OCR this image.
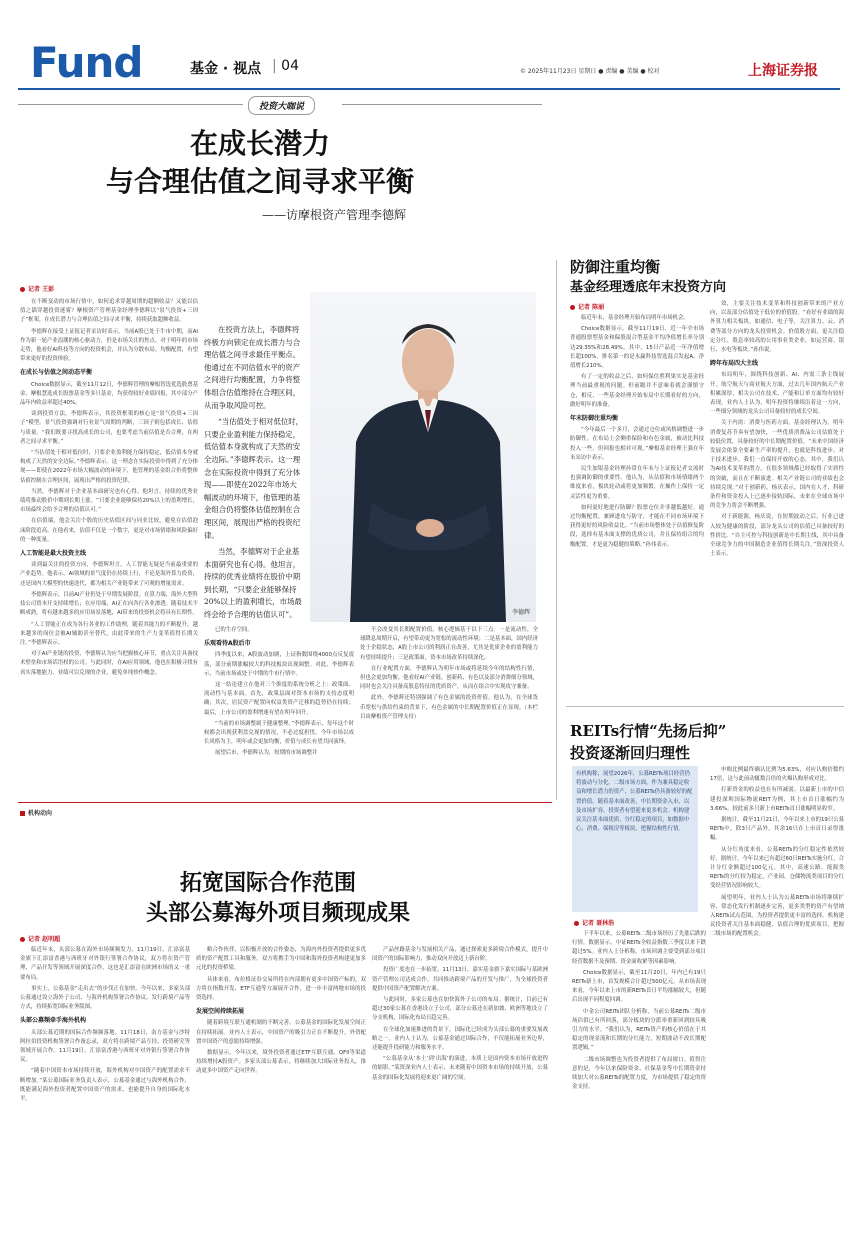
Fund	基金 · 视点 | 04	© 2025年11月23日 星期日 ● 责编 ● 美编 ● 校对	上海证券报
投资大咖说
在成长潜力
与合理估值之间寻求平衡
——访摩根资产管理李德辉
记者 王彭

在不断变动的市场行情中，如何追求穿越周期的超额收益？又能以估值之锚穿越投资迷雾？摩根资产管理基金经理李德辉以“景气投资+三因子”框架，在成长潜力与合理估值之间寻求平衡，持续获取超额收益。

李德辉在接受上证报记者采访时表示，当前A股已处于牛市中期，而AI作为新一轮产业浪潮的核心驱动力，仍是市场关注的焦点。对于明年的市场走势，他看好AI科技等方向的投资机会，并认为分散布局、均衡配置，有望带来更好的投资体验。

在成长与估值之间动态平衡

Choice数据显示，截至11月12日，李德辉管理的摩根智选优选股票基金、摩根慧选成长股票基金等多只基金，均获得较好业绩回报，其中部分产品年内收益率超过40%。

谈到投资方法，李德辉表示，其投资框架的核心是“景气投资+三因子”模型。景气投资强调对行业景气周期的判断，三因子则包括成长、估值与质量。“我们既要寻找高成长的公司，也要考虑当前估值是否合理，在两者之间寻求平衡。”

“当估值处于相对低位时，只要企业盈利能力保持稳定，低估值本身就构成了天然的安全边际。”李德辉表示。这一理念在实际投资中得到了充分体现——即使在2022年市场大幅波动的环境下，他管理的基金组合仍将整体估值控制在合理区间，展现出严格的投资纪律。

当然，李德辉对于企业基本面研究也有心得。他坦言，持续的优秀业绩将推动股价中期到长期上涨。“只要企业能够保持20%以上的盈利增长，市场最终会给予合理的估值认可。”

在估值端，他会关注个股的历史估值区间与同业比较，避免在估值泡沫阶段追高。在他看来，估值不仅是一个数字，更是对市场情绪和风险偏好的一种度量。

人工智能是最大投资主线

谈到最关注的投资方向，李德辉坦言，人工智能无疑是当前最重要的产业趋势。他表示，AI领域的景气度仍在持续上行，不论是海外算力投资，还是国内大模型的快速迭代，都为相关产业链带来了可观的增量需求。

李德辉表示，目前AI产业仍处于早期发展阶段。在算力端，海外大型科技公司资本开支持续增长；在应用端，AI正在向各行各业渗透。随着技术不断成熟，将有越来越多的应用场景落地，AI带来的投资机会将具有长期性。

“人工智能正在成为各行各业的工作助理，随着其能力的不断提升，越来越多的岗位会被AI辅助甚至替代，由此带来的生产力变革值得长期关注。”李德辉表示。

对于AI产业链的投资，李德辉认为应当把握核心环节，重点关注具备技术壁垒和市场话语权的公司。与此同时，在AI应用领域，他也在积极寻找有真实落地能力、业绩可以兑现的企业，避免单纯炒作概念。

在投资方法上，李德辉将终极方向锁定在成长潜力与合理估值之间寻求最佳平衡点。他通过在不同估值水平的资产之间进行均衡配置，力争将整体组合估值维持在合理区间，从而争取风险可控。

“当估值处于相对低位时，只要企业盈利能力保持稳定，低估值本身就构成了天然的安全边际。”李德辉表示。这一理念在实际投资中得到了充分体现——即使在2022年市场大幅波动的环境下，他管理的基金组合仍将整体估值控制在合理区间，展现出严格的投资纪律。

当然，李德辉对于企业基本面研究也有心得。他坦言，持续的优秀业绩将在股价中期到长期，“只要企业能够保持20%以上的盈利增长，市场最终会给予合理的估值认可”。	李德辉

已的生存空间。

乐观看待A股后市

四季度以来，A股波动加剧，上证指数围绕4000点反复震荡，部分前期涨幅较大的科技板块出现调整。对此，李德辉表示，当前市场或处于中期的牛市行情中。

这一结论建立在他对三个维度的系统分析之上：政策面、流动性与基本面。首先，政策层面对资本市场的支持态度明确；其次，居民资产配置向权益类资产迁移的趋势仍在持续；最后，上市公司的盈利增速有望在明年回升。

“当前的市场调整属于健康整理。”李德辉表示，每年这个时候都会出现获利盘兑现的情况，不必过度担忧。今年市场以成长风格为主，明年或会更加均衡，价值与成长有望共同演绎。

展望后市，李德辉认为，短期的市场调整并

不会改变其长期配置价值，核心逻辑基于以下三点：一是流动性，全球降息周期开启，有望带动更为宽松的流动性环境；二是基本面，国内经济处于企稳状态，A股上市公司的利润正在改善，尤其是优质企业的盈利能力有望持续提升；三是政策面，资本市场改革持续深化。

在行业配置方面，李德辉认为明年市场或将延续今年的结构性行情，但也会更加均衡。他看好AI产业链、创新药、有色以及部分消费细分领域，同时也会关注具备高股息特征的优质资产，从而在组合中实现攻守兼备。

此外，李德辉还特别强调了有色金属的投资价值。他认为，在全球货币宽松与供给约束的背景下，有色金属的中长期配置价值正在显现。（本栏目由摩根资产管理支持）

防御注重均衡
基金经理透底年末投资方向
记者 陈丽

临近年末，基金经理开始布局明年市场机会。

Choice数据显示，截至11月19日，近一年全市场普通股票型基金和偏股混合型基金平均净值增长率分别达29.35%和28.49%。其中，15只产品近一年净值增长超100%，排名第一的是永赢科技智选混合发起A，净值增长210%。

有了一定的收益之后，如何保住胜利果实是基金经理当前最重视的问题。但前瞻并不意味着就会谨慎守仓，相反，一些基金经理开始布局中长期看好的方向，做好明年的准备。

年末防御注重均衡

“今年最后一个多月，会通过仓位或风格调整进一步防御性。在布局上会侧重保险和有色金属，被动比科技投入一些，但回报也相对可观。”摩根基金经理王强在年末采访中表示。

民生加银基金经理孙常在年末与上证报记者交流时也强调防御的重要性。他认为，从估值和市场情绪两个维度来看，板块轮动或将更加频繁，在操作上保持一定灵活性更为重要。

如何更好地进行防御？股票仓位并非越低越好。通过均衡配置，兼顾进攻与防守，才能在不同市场环境下获得更好的风险收益比。“当前市场整体处于估值修复阶段，选择有基本面支撑的优质公司，并且保持组合的均衡配置，才是更为稳健的策略。”孙伟表示。

效，主要关注技术变革和科技创新带来的产业方向，以及部分估值处于低位的价值股。“看好有业绩的海外算力相关板块，如通信、电子等，关注算力、云、消费等部分方向的龙头投资机会。价值股方面，更关注稳定分红、股息率较高的公用事业类企业，如运营商、银行、水电等板块。”孙伟说。

跨年布局四大主线

布局明年，围绕科技创新、AI、内需三条主线展开。航空航天与商业航天方面，过去几年国内航天产业积累深厚，相关公司在技术、产能和订单方面均有较好表现。业内人士认为，明年投资将继续沿着这一方向，一些细分领域的龙头公司具备较好的成长空间。

关于内需：消费与医药方面，基金经理认为，明年消费复苏节奏有望加快，一些优质消费品公司估值处于较低位置，具备较好的中长期配置价值。“未来中国经济发展会依靠全要素生产率的提升，也就是科技进步。对于技术进步，我们一直保持开放的心态。其中，我们认为AI技术变革的潜力，在很多领域都已经取得了实质性的突破，而且在不断演进。相关产业链公司的业绩也会持续兑现。”对于创新药，杨庆表示，国内在人才、科研条件和资金投入上已逐步接轨国际，未来在全球市场中的竞争力将会不断增强。

对于新能源，杨庆说，在短期波动之后，行业已进入较为健康的阶段，部分龙头公司的估值已具备较好的性价比。“自主可控与科技创新是中长期主线，其中具备全球竞争力的中国制造企业值得长期关注。”资深投资人士表示。

REITs行情“先扬后抑”
投资逐渐回归理性
有机构称，展望2026年，公募REITs项目经营仍将波动与分化。二级市场方面，作为兼具稳定收益和增长潜力的资产，公募REITs仍具备较好的配置价值。随着基本面改善，中长期资金入市，以及市场扩容，投资者有望迎来更多机会。机构建议关注基本面优质、分红稳定的项目，如数据中心、消费、保租房等板块，把握结构性行情。
记者 聂林浩

下半年以来，公募REITs二级市场经历了先涨后跌的行情。数据显示，中证REITs全收益指数三季度以来下跌超过5%。业内人士分析称，市场回调主要受到部分项目经营数据不及预期、资金面收紧等因素影响。

Choice数据显示，截至11月20日，年内已有19只REITs新上市，首发规模合计超过500亿元。从市场表现来看，今年以来上市的新REITs首日平均涨幅较大，但随后出现不同程度回调。

中金公司REITs团队分析称，当前公募REITs二级市场估值已有所回落，部分板块的分派率重新回到较具吸引力的水平。“我们认为，REITs资产的核心价值在于其稳定的现金流和长期的分红能力，短期波动不改长期配置逻辑。”

二级市场调整也为投资者提供了布局窗口。值得注意的是，今年以来保险资金、社保基金等中长期资金持续加大对公募REITs的配置力度，为市场提供了稳定的资金支持。

申购比例最终确认比例为5.63%，对应认购倍数约17倍，这与此前动辄数百倍的火爆认购形成对比。

打新资金的收益也在有所减弱。以最新上市的中信建投深圳国际物流REIT为例，其上市首日涨幅约为3.66%，较此前多只新上市REITs首日涨幅明显收窄。

据统计，截至11月21日，今年以来上市的19只公募REITs中，除3只产品外，其余16只在上市首日录得涨幅。

从分红角度来看，公募REITs的分红稳定性依然较好。据统计，今年以来已有超过60只REITs实施分红，合计分红金额超过100亿元。其中，高速公路、能源类REITs的分红较为稳定，产业园、仓储物流类项目的分红受经营情况影响较大。

展望明年，业内人士认为公募REITs市场将继续扩容，常态化发行机制逐步完善，更多类型的资产有望纳入REITs试点范围，为投资者提供更丰富的选择。机构建议投资者关注基本面稳健、估值合理的优质项目，把握二级市场的配置机会。

机构动向
拓宽国际合作范围
头部公募海外项目频现成果
记者 赵明超

临近年末，头部公募在海外市场频频发力。11月19日，汇添富基金旗下汇添富香港与西班牙对外银行签署合作协议，双方将在资产管理、产品开发等领域开展深度合作，这也是汇添富在欧洲市场的又一重要布局。

事实上，公募基金“走出去”的步伐正在加快。今年以来，多家头部公募通过设立海外子公司、与海外机构签署合作协议、发行跨境产品等方式，持续拓宽国际业务版图。

头部公募频牵手海外机构

头部公募近期的国际合作频频落地。11月18日，南方基金与沙特阿拉伯投资机构签署合作备忘录，双方将在跨境产品互挂、投资研究等领域开展合作。11月19日，汇添富香港与西班牙对外银行签署合作协议。

“随着中国资本市场持续开放，海外机构对中国资产的配置需求不断增加。”某公募国际业务负责人表示，公募基金通过与海外机构合作，既能满足海外投资者配置中国资产的需求，也能提升自身的国际化水平。

略合作伙伴，以积极开放的合作姿态，为海内外投资者提供更多优质的资产配置工具和服务。双方将携手为中国和海外投资者构建更加多元化的投资桥梁。

具体来看，布拉格证券交易所将在内部拥有更多中国资产标的，双方将在指数开发、ETF互通等方面展开合作，进一步丰富两地市场的投资选择。

发展空间持续拓展

随着跨境互联互通机制的不断完善，公募基金的国际化发展空间正在持续拓展。业内人士表示，中国资产的吸引力正在不断提升，外资配置中国资产的意愿持续增强。

数据显示，今年以来，境外投资者通过ETF互联互通、QFII等渠道持续增持A股资产。多家头部公募表示，将继续加大国际业务投入，推动更多中国资产走向世界。

产品丝路基金与发展相关产品，通过探索更多跨境合作模式，提升中国资产的国际影响力，推动双向开放迈上新台阶。

投资广度也在一步拓宽。11月13日，嘉实基金旗下嘉实国际与某欧洲资产管理公司达成合作，共同推动跨境产品的开发与推广，为全球投资者提供中国资产配置解决方案。

与此同时，多家公募也在加快海外子公司的布局。据统计，目前已有超过30家公募在香港设立子公司，部分公募还在新加坡、欧洲等地设立了分支机构，国际化布局日趋完善。

在全球化加速推进的背景下，国际化已经成为头部公募的重要发展战略之一。业内人士认为，公募基金通过国际合作，不仅能拓展业务边界，还能提升投研能力和服务水平。

“公募基金从‘本土’到‘出海’的演进，本质上是国内资本市场开放进程的缩影。”某资深业内人士表示，未来随着中国资本市场的持续开放，公募基金的国际化发展将迎来更广阔的空间。
